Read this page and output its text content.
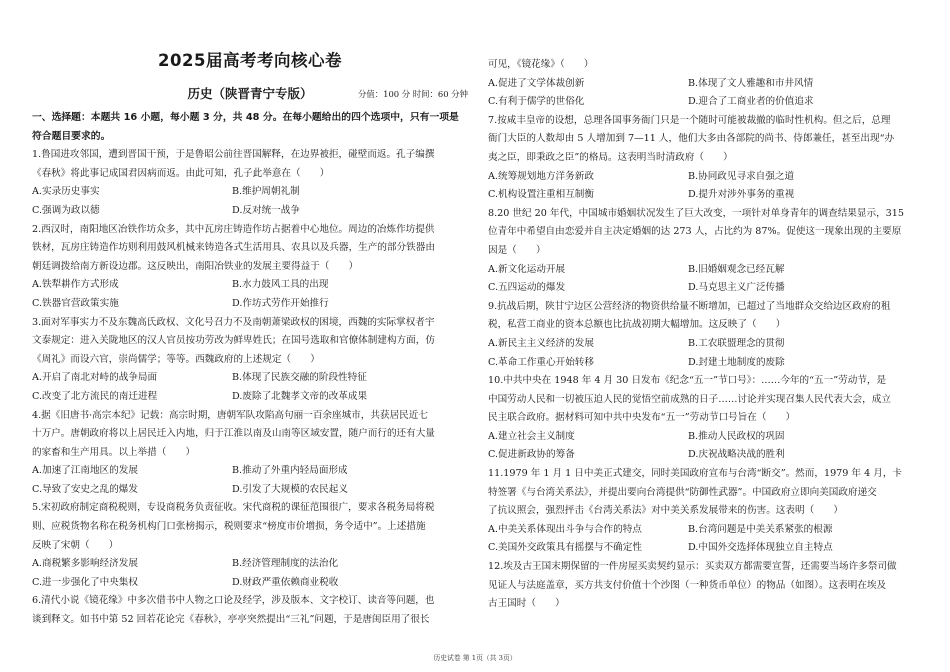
2025届高考考向核心卷
历史（陕晋青宁专版）	分值：100 分 时间：60 分钟
一、选择题：本题共 16 小题，每小题 3 分，共 48 分。在每小题给出的四个选项中，只有一项是
符合题目要求的。
1.鲁国进攻邻国，遭到晋国干预，于是鲁昭公前往晋国解释，在边界被拒，碰壁而返。孔子编撰
《春秋》将此事记成国君因病而返。由此可知，孔子此举意在（　　）
A.实录历史事实	B.维护周朝礼制
C.强调为政以德	D.反对统一战争
2.西汉时，南阳地区冶铁作坊众多，其中瓦房庄铸造作坊占据着中心地位。周边的冶炼作坊提供
铁材，瓦房庄铸造作坊则利用鼓风机械来铸造各式生活用具、农具以及兵器，生产的部分铁器由
朝廷调拨给南方新设边郡。这反映出，南阳冶铁业的发展主要得益于（　　）
A.铁犁耕作方式形成	B.水力鼓风工具的出现
C.铁器官营政策实施	D.作坊式劳作开始推行
3.面对军事实力不及东魏高氏政权、文化号召力不及南朝萧梁政权的困境，西魏的实际掌权者宇
文泰规定：进入关陇地区的汉人官员按功劳改为鲜卑姓氏；在国号选取和官僚体制建构方面，仿
《周礼》而设六官，崇尚儒学；等等。西魏政府的上述规定（　　）
A.开启了南北对峙的战争局面	B.体现了民族交融的阶段性特征
C.改变了北方流民的南迁进程	D.废除了北魏孝文帝的改革成果
4.据《旧唐书·高宗本纪》记载：高宗时期，唐朝军队攻陷高句丽一百余座城市，共获居民近七
十万户。唐朝政府将以上居民迁入内地，归于江淮以南及山南等区域安置，随户而行的还有大量
的家畜和生产用具。以上举措（　　）
A.加速了江南地区的发展	B.推动了外重内轻局面形成
C.导致了安史之乱的爆发	D.引发了大规模的农民起义
5.宋初政府制定商税税则，专设商税务负责征收。宋代商税的课征范围很广，要求各税务局将税
则、应税货物名称在税务机构门口张榜揭示，税则要求“榜度市价增损，务令适中”。上述措施
反映了宋朝（　　）
A.商税繁多影响经济发展	B.经济管理制度的法治化
C.进一步强化了中央集权	D.财政严重依赖商业税收
6.清代小说《镜花缘》中多次借书中人物之口论及经学，涉及版本、文字校订、读音等问题，也
谈到释文。如书中第 52 回若花论完《春秋》，亭亭突然提出“三礼”问题，于是唐闺臣用了很长
可见，《镜花缘》（　　）
A.促进了文学体裁创新	B.体现了文人雅趣和市井风情
C.有利于儒学的世俗化	D.迎合了工商业者的价值追求
7.按咸丰皇帝的设想，总理各国事务衙门只是一个随时可能被裁撤的临时性机构。但之后，总理
衙门大臣的人数却由 5 人增加到 7—11 人，他们大多由各部院的尚书、侍郎兼任，甚至出现“办
夷之臣，即秉政之臣”的格局。这表明当时清政府（　　）
A.统筹规划地方洋务新政	B.协同政见寻求自强之道
C.机构设置注重相互制衡	D.提升对涉外事务的重视
8.20 世纪 20 年代，中国城市婚姻状况发生了巨大改变，一项针对单身青年的调查结果显示，315
位青年中希望自由恋爱并自主决定婚姻的达 273 人，占比约为 87%。促使这一现象出现的主要原
因是（　　）
A.新文化运动开展	B.旧婚姻观念已经瓦解
C.五四运动的爆发	D.马克思主义广泛传播
9.抗战后期，陕甘宁边区公营经济的物资供给量不断增加，已超过了当地群众交给边区政府的租
税，私营工商业的资本总额也比抗战初期大幅增加。这反映了（　　）
A.新民主主义经济的发展	B.工农联盟理念的贯彻
C.革命工作重心开始转移	D.封建土地制度的废除
10.中共中央在 1948 年 4 月 30 日发布《纪念“五一”节口号》：……今年的“五一”劳动节，是
中国劳动人民和一切被压迫人民的觉悟空前成熟的日子……讨论并实现召集人民代表大会，成立
民主联合政府。据材料可知中共中央发布“五一”劳动节口号旨在（　　）
A.建立社会主义制度	B.推动人民政权的巩固
C.促进新政协的筹备	D.庆祝战略决战的胜利
11.1979 年 1 月 1 日中美正式建交，同时美国政府宣布与台湾“断交”。然而，1979 年 4 月，卡
特签署《与台湾关系法》，并提出要向台湾提供“防御性武器”。中国政府立即向美国政府递交
了抗议照会，强烈抨击《台湾关系法》对中美关系发展带来的伤害。这表明（　　）
A.中美关系体现出斗争与合作的特点	B.台湾问题是中美关系紧张的根源
C.美国外交政策具有摇摆与不确定性	D.中国外交选择体现独立自主特点
12.埃及古王国末期保留的一件房屋买卖契约显示：买卖双方都需要宣誓，还需要当场许多祭司做
见证人与法庭盖章，买方共支付价值十个沙图（一种货币单位）的物品（如图）。这表明在埃及
古王国时（　　）
历史试卷 第 1页（共 3页）
